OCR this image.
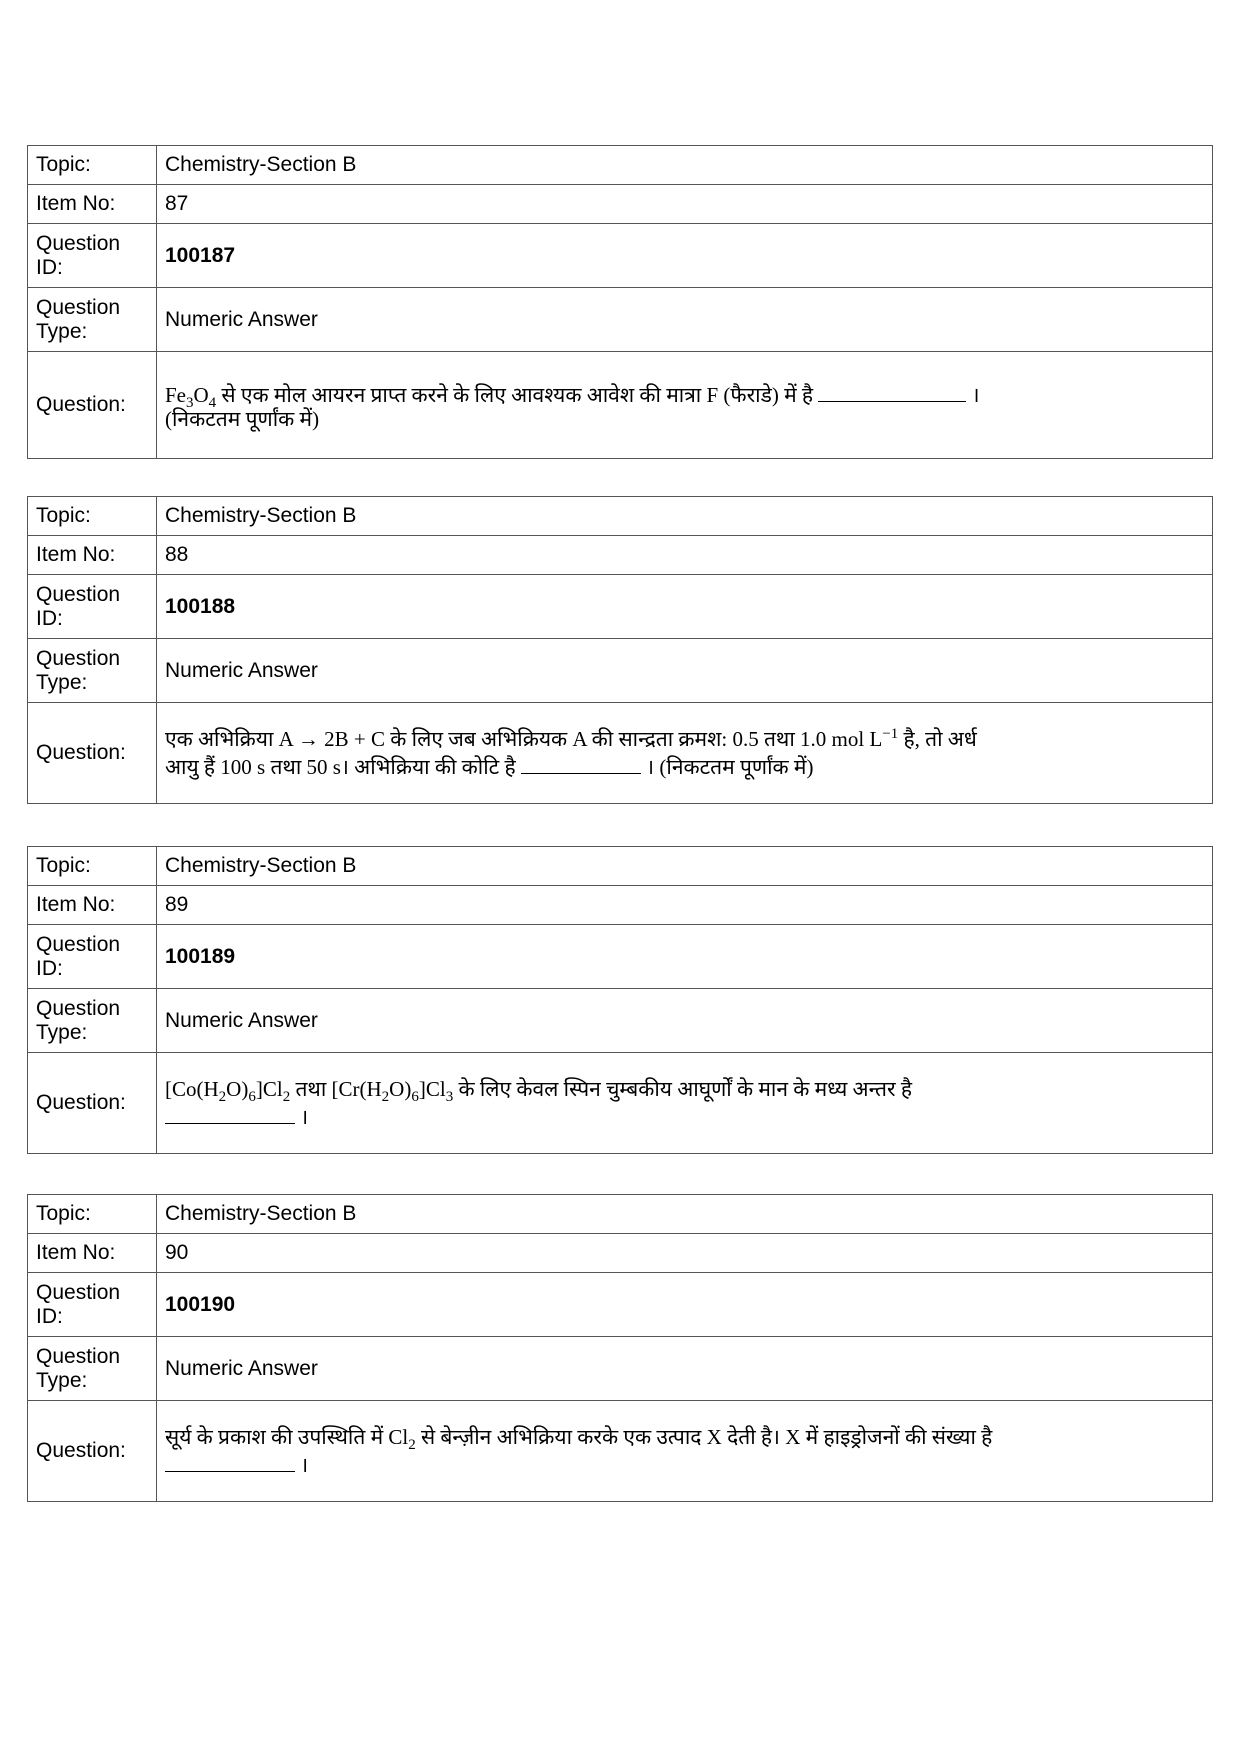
Topic:	Chemistry-Section B
Item No:	87
Question
ID:	100187
Question
Type:	Numeric Answer
Question:	$Fe_3O_4$ से एक मोल आयरन प्राप्त करने के लिए आवश्यक आवेश की मात्रा F (फैराडे) में है ।
(निकटतम पूर्णांक में)
Topic:	Chemistry-Section B
Item No:	88
Question
ID:	100188
Question
Type:	Numeric Answer
Question:	एक अभिक्रिया A → 2B + C के लिए जब अभिक्रियक A की सान्द्रता क्रमश: 0.5 तथा 1.0 mol $L^{-1}$ है, तो अर्ध
आयु हैं 100 s तथा 50 s। अभिक्रिया की कोटि है । (निकटतम पूर्णांक में)
Topic:	Chemistry-Section B
Item No:	89
Question
ID:	100189
Question
Type:	Numeric Answer
Question:	$[Co(H_2O)_6]Cl_2$ तथा $[Cr(H_2O)_6]Cl_3$ के लिए केवल स्पिन चुम्बकीय आघूर्णों के मान के मध्य अन्तर है
।
Topic:	Chemistry-Section B
Item No:	90
Question
ID:	100190
Question
Type:	Numeric Answer
Question:	सूर्य के प्रकाश की उपस्थिति में $Cl_2$ से बेन्ज़ीन अभिक्रिया करके एक उत्पाद X देती है। X में हाइड्रोजनों की संख्या है
।
